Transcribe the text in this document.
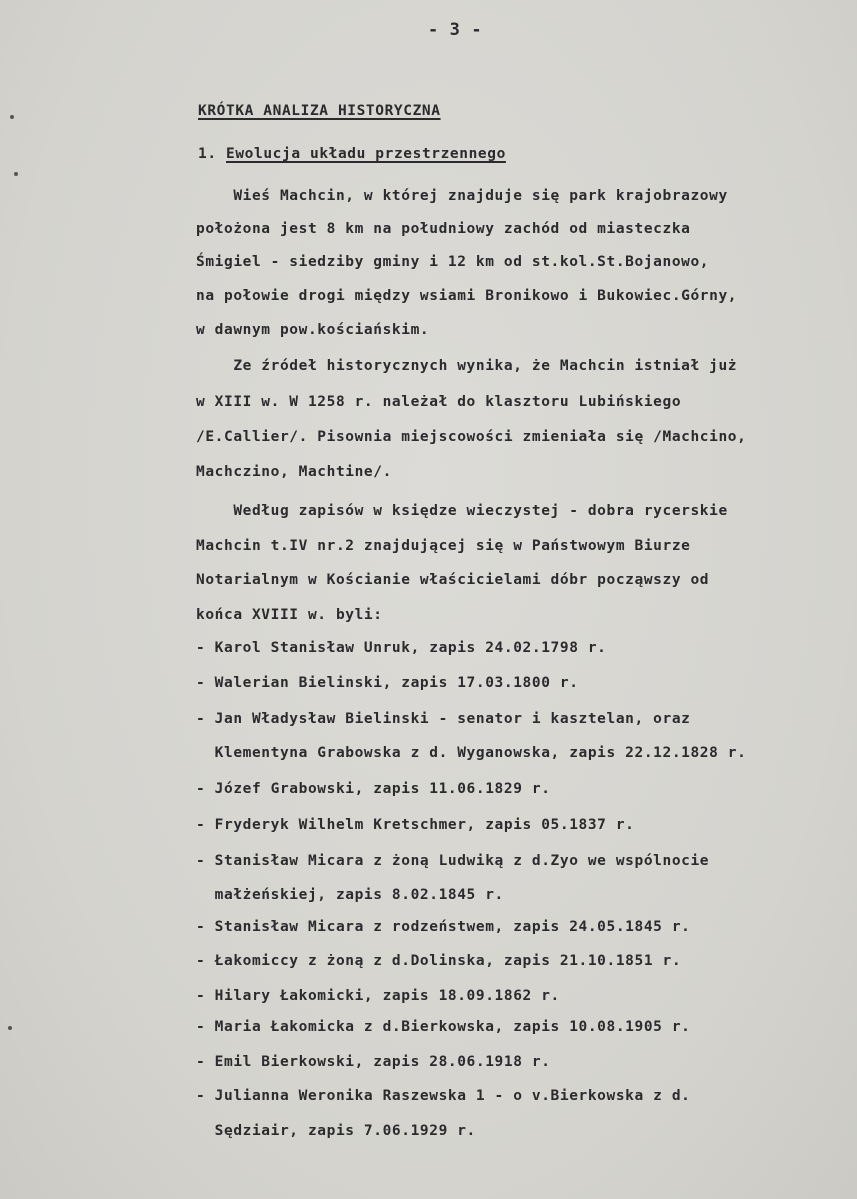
- 3 -
KRÓTKA ANALIZA HISTORYCZNA
1. Ewolucja układu przestrzennego
Wieś Machcin, w której znajduje się park krajobrazowy
położona jest 8 km na południowy zachód od miasteczka
Śmigiel - siedziby gminy i 12 km od st.kol.St.Bojanowo,
na połowie drogi między wsiami Bronikowo i Bukowiec.Górny,
w dawnym pow.kościańskim.
Ze źródeł historycznych wynika, że Machcin istniał już
w XIII w. W 1258 r. należał do klasztoru Lubińskiego
/E.Callier/. Pisownia miejscowości zmieniała się /Machcino,
Machczino, Machtine/.
Według zapisów w księdze wieczystej - dobra rycerskie
Machcin t.IV nr.2 znajdującej się w Państwowym Biurze
Notarialnym w Kościanie właścicielami dóbr począwszy od
końca XVIII w. byli:
- Karol Stanisław Unruk, zapis 24.02.1798 r.
- Walerian Bielinski, zapis 17.03.1800 r.
- Jan Władysław Bielinski - senator i kasztelan, oraz
Klementyna Grabowska z d. Wyganowska, zapis 22.12.1828 r.
- Józef Grabowski, zapis 11.06.1829 r.
- Fryderyk Wilhelm Kretschmer, zapis 05.1837 r.
- Stanisław Micara z żoną Ludwiką z d.Zyo we wspólnocie
małżeńskiej, zapis 8.02.1845 r.
- Stanisław Micara z rodzeństwem, zapis 24.05.1845 r.
- Łakomiccy z żoną z d.Dolinska, zapis 21.10.1851 r.
- Hilary Łakomicki, zapis 18.09.1862 r.
- Maria Łakomicka z d.Bierkowska, zapis 10.08.1905 r.
- Emil Bierkowski, zapis 28.06.1918 r.
- Julianna Weronika Raszewska 1 - o v.Bierkowska z d.
Sędziair, zapis 7.06.1929 r.
